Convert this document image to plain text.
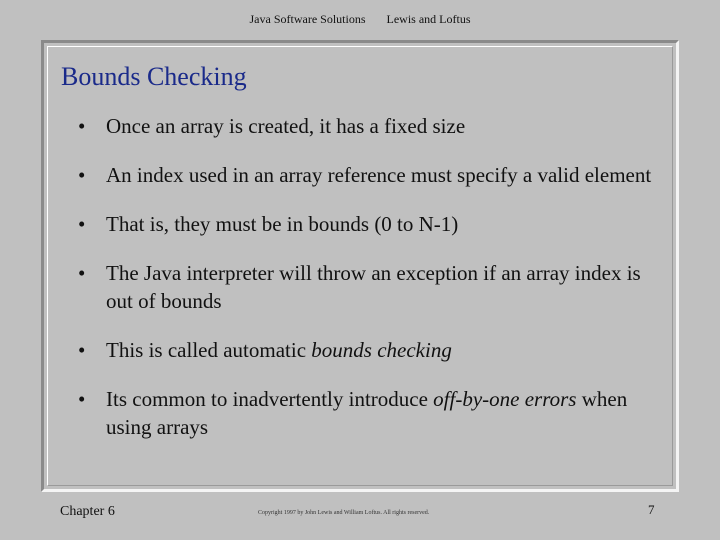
Java Software Solutions Lewis and Loftus
Bounds Checking
• Once an array is created, it has a fixed size
• An index used in an array reference must specify a valid element
• That is, they must be in bounds (0 to N-1)
• The Java interpreter will throw an exception if an array index is out of bounds
• This is called automatic bounds checking
• Its common to inadvertently introduce off-by-one errors when using arrays
Chapter 6	Copyright 1997 by John Lewis and William Loftus. All rights reserved.	7
